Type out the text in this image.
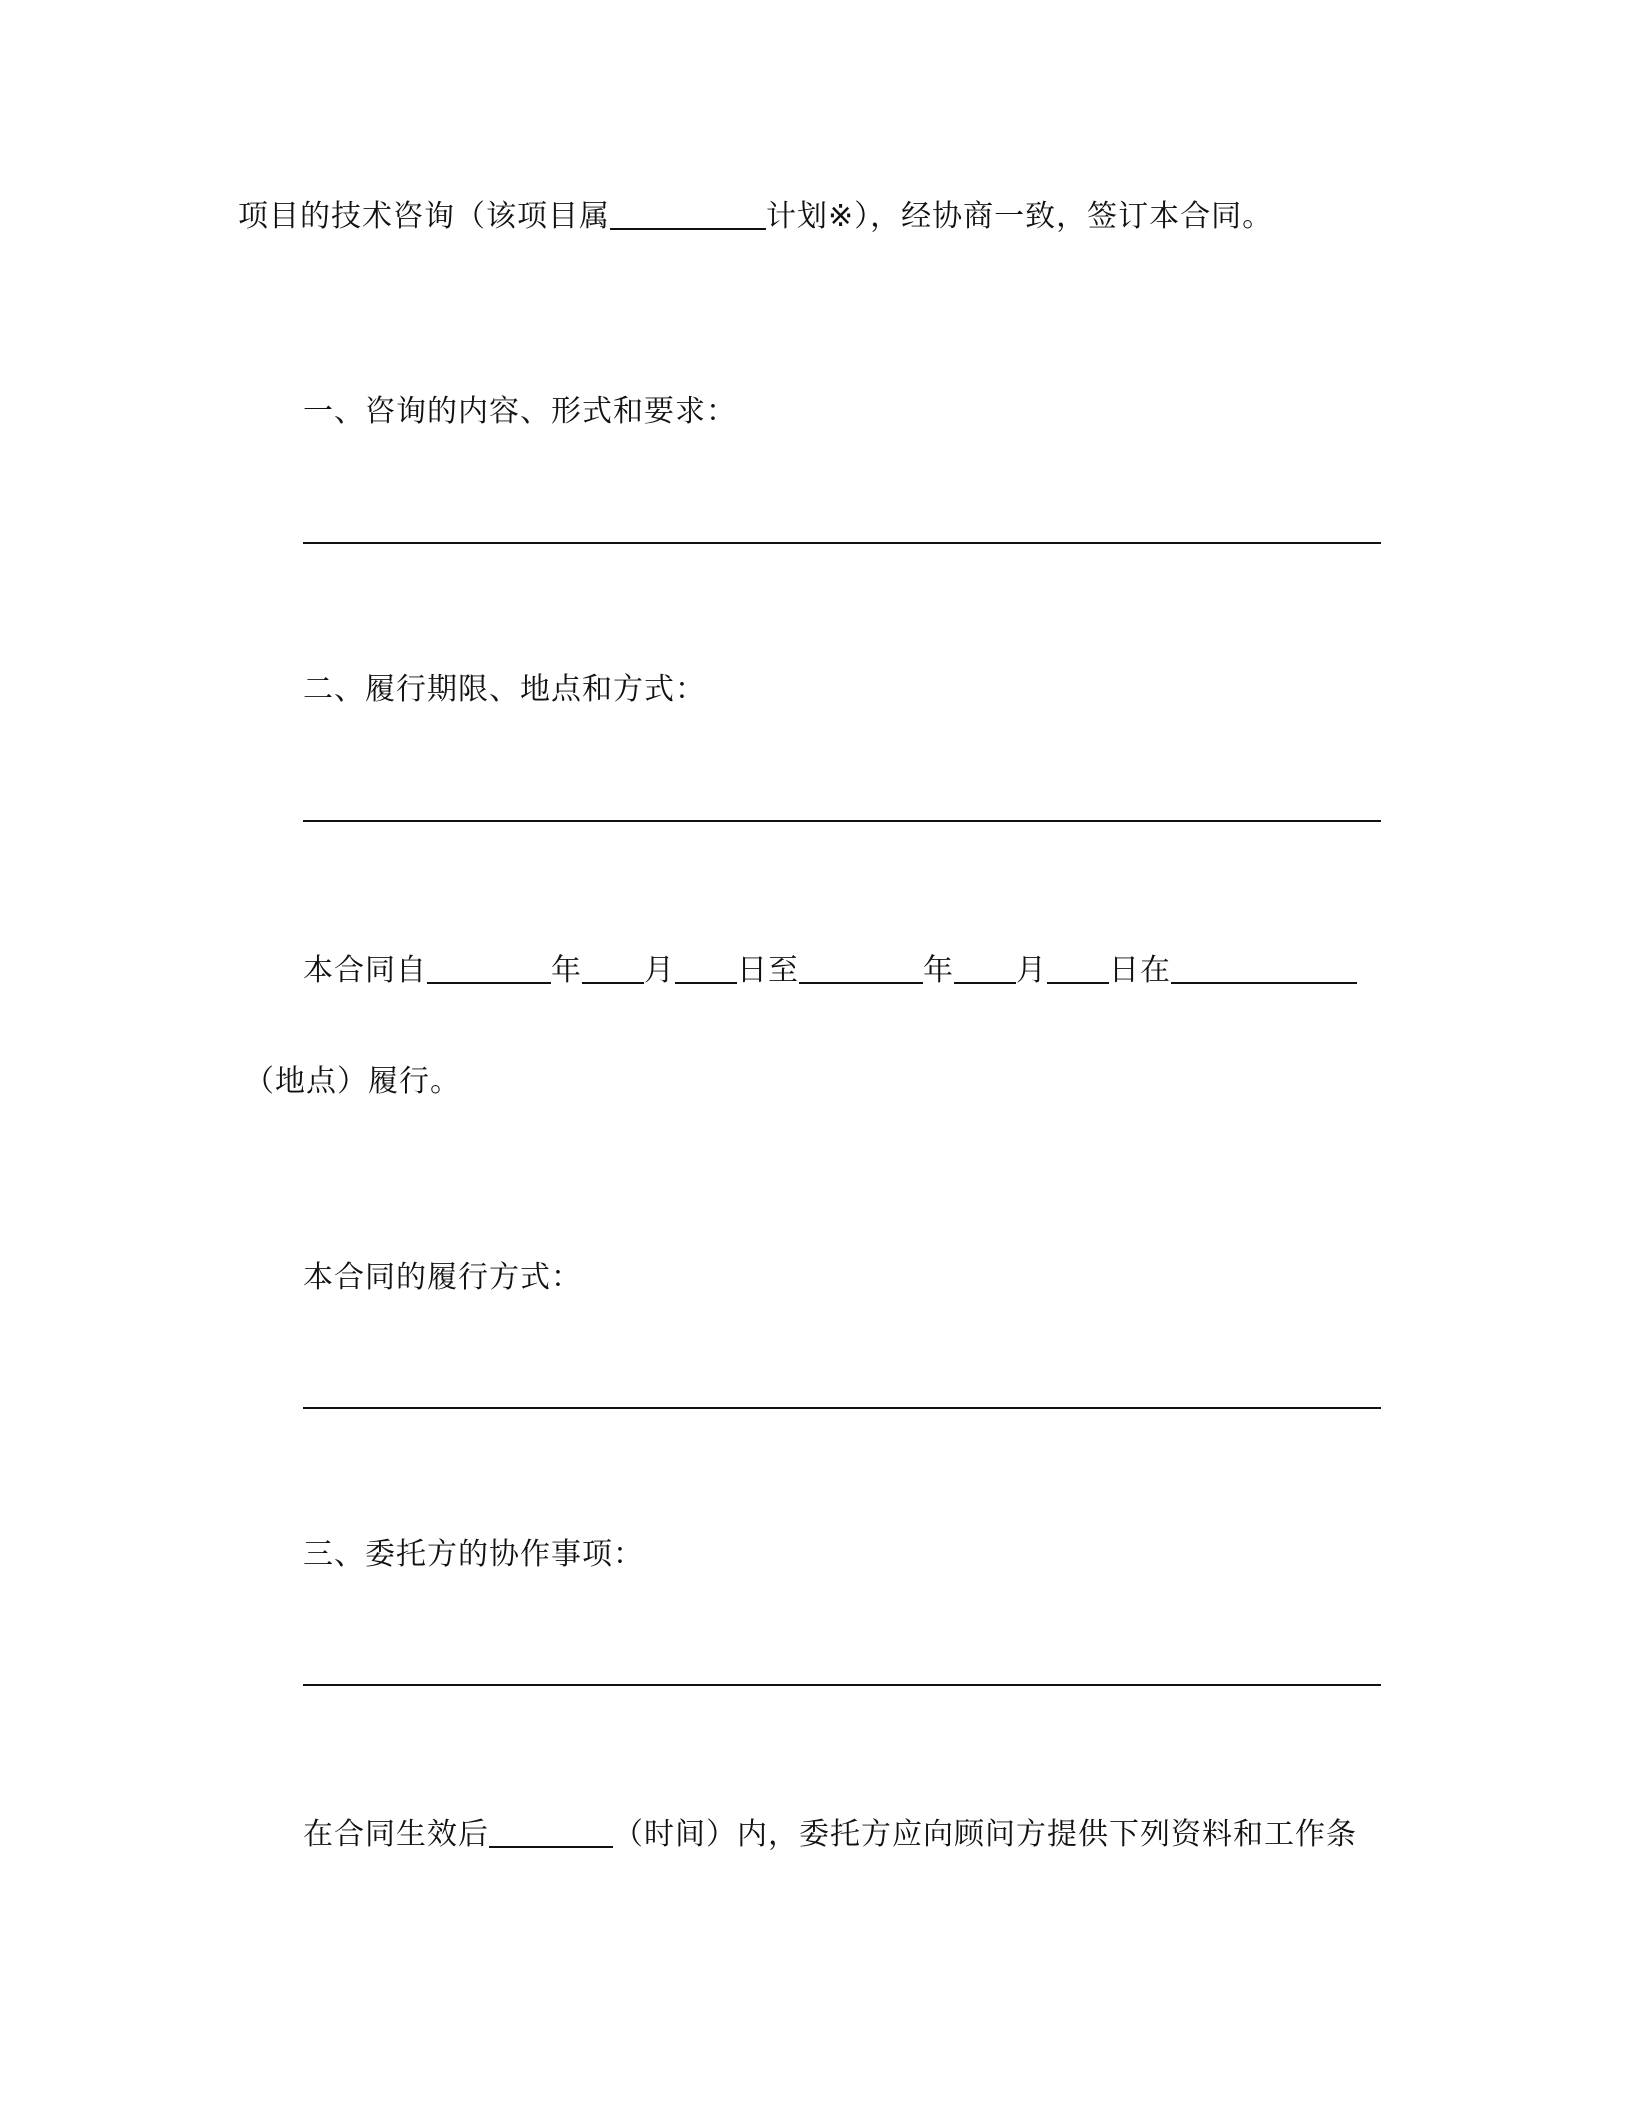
项目的技术咨询（该项目属	计划※），经协商一致，签订本合同。
一、咨询的内容、形式和要求：
二、履行期限、地点和方式：
本合同自	年 月 日至	年 月 日在
（地点）履行。
本合同的履行方式：
三、委托方的协作事项：
在合同生效后	（时间）内，委托方应向顾问方提供下列资料和工作条
